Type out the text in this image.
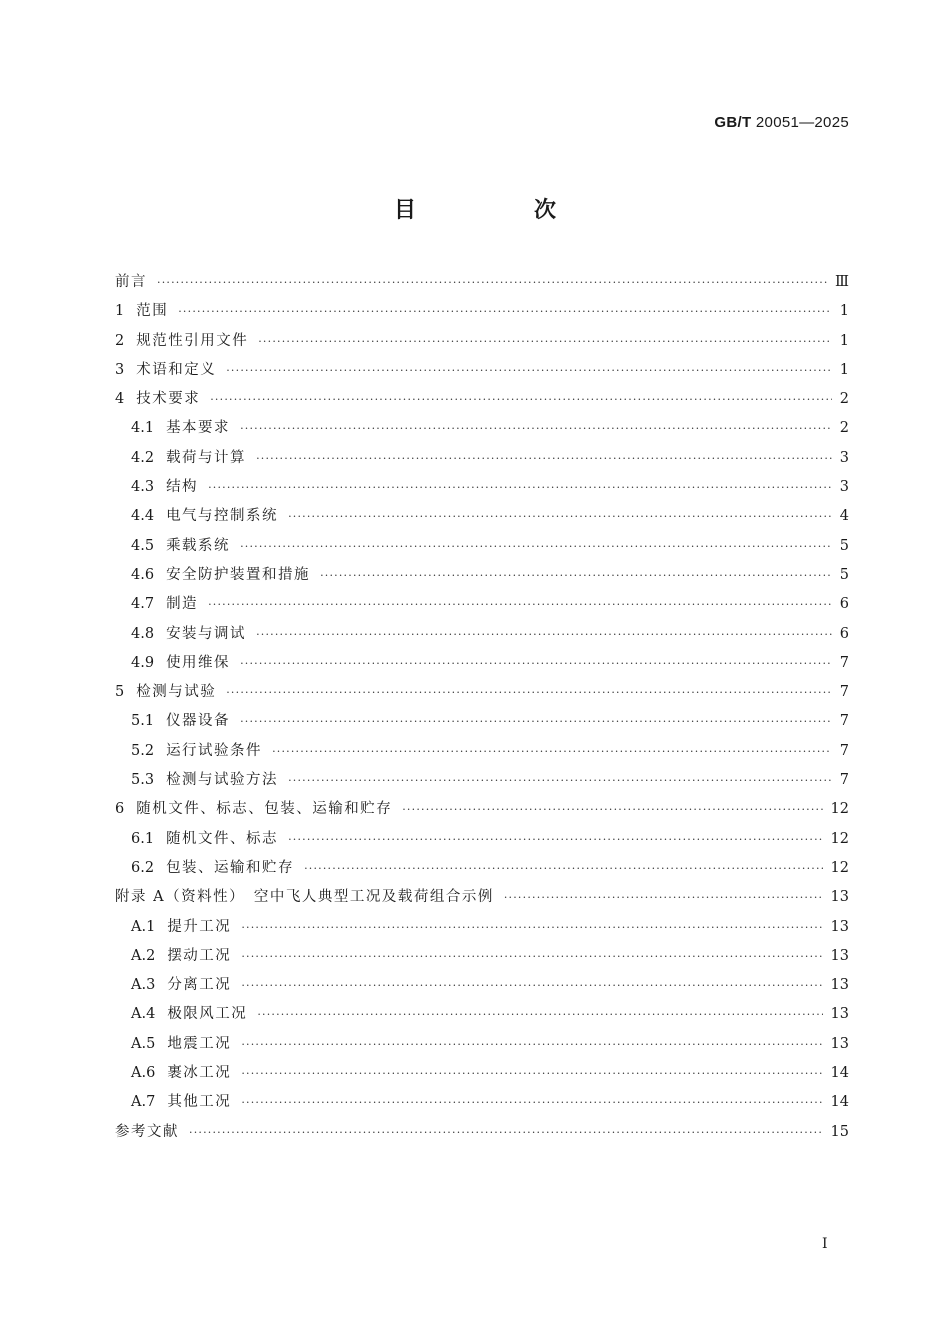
GB/T 20051—2025
目　次
前言 ·····	Ⅲ
1 范围 ·····	1
2 规范性引用文件 ·····	1
3 术语和定义 ·····	1
4 技术要求 ·····	2
4.1 基本要求 ·····	2
4.2 载荷与计算 ·····	3
4.3 结构 ·····	3
4.4 电气与控制系统 ·····	4
4.5 乘载系统 ·····	5
4.6 安全防护装置和措施 ·····	5
4.7 制造 ·····	6
4.8 安装与调试 ·····	6
4.9 使用维保 ·····	7
5 检测与试验 ·····	7
5.1 仪器设备 ·····	7
5.2 运行试验条件 ·····	7
5.3 检测与试验方法 ·····	7
6 随机文件、标志、包装、运输和贮存 ·····	12
6.1 随机文件、标志 ·····	12
6.2 包装、运输和贮存 ·····	12
附录 A（资料性）　空中飞人典型工况及载荷组合示例 ·····	13
A.1 提升工况 ·····	13
A.2 摆动工况 ·····	13
A.3 分离工况 ·····	13
A.4 极限风工况 ·····	13
A.5 地震工况 ·····	13
A.6 裹冰工况 ·····	14
A.7 其他工况 ·····	14
参考文献 ·····	15
Ⅰ
